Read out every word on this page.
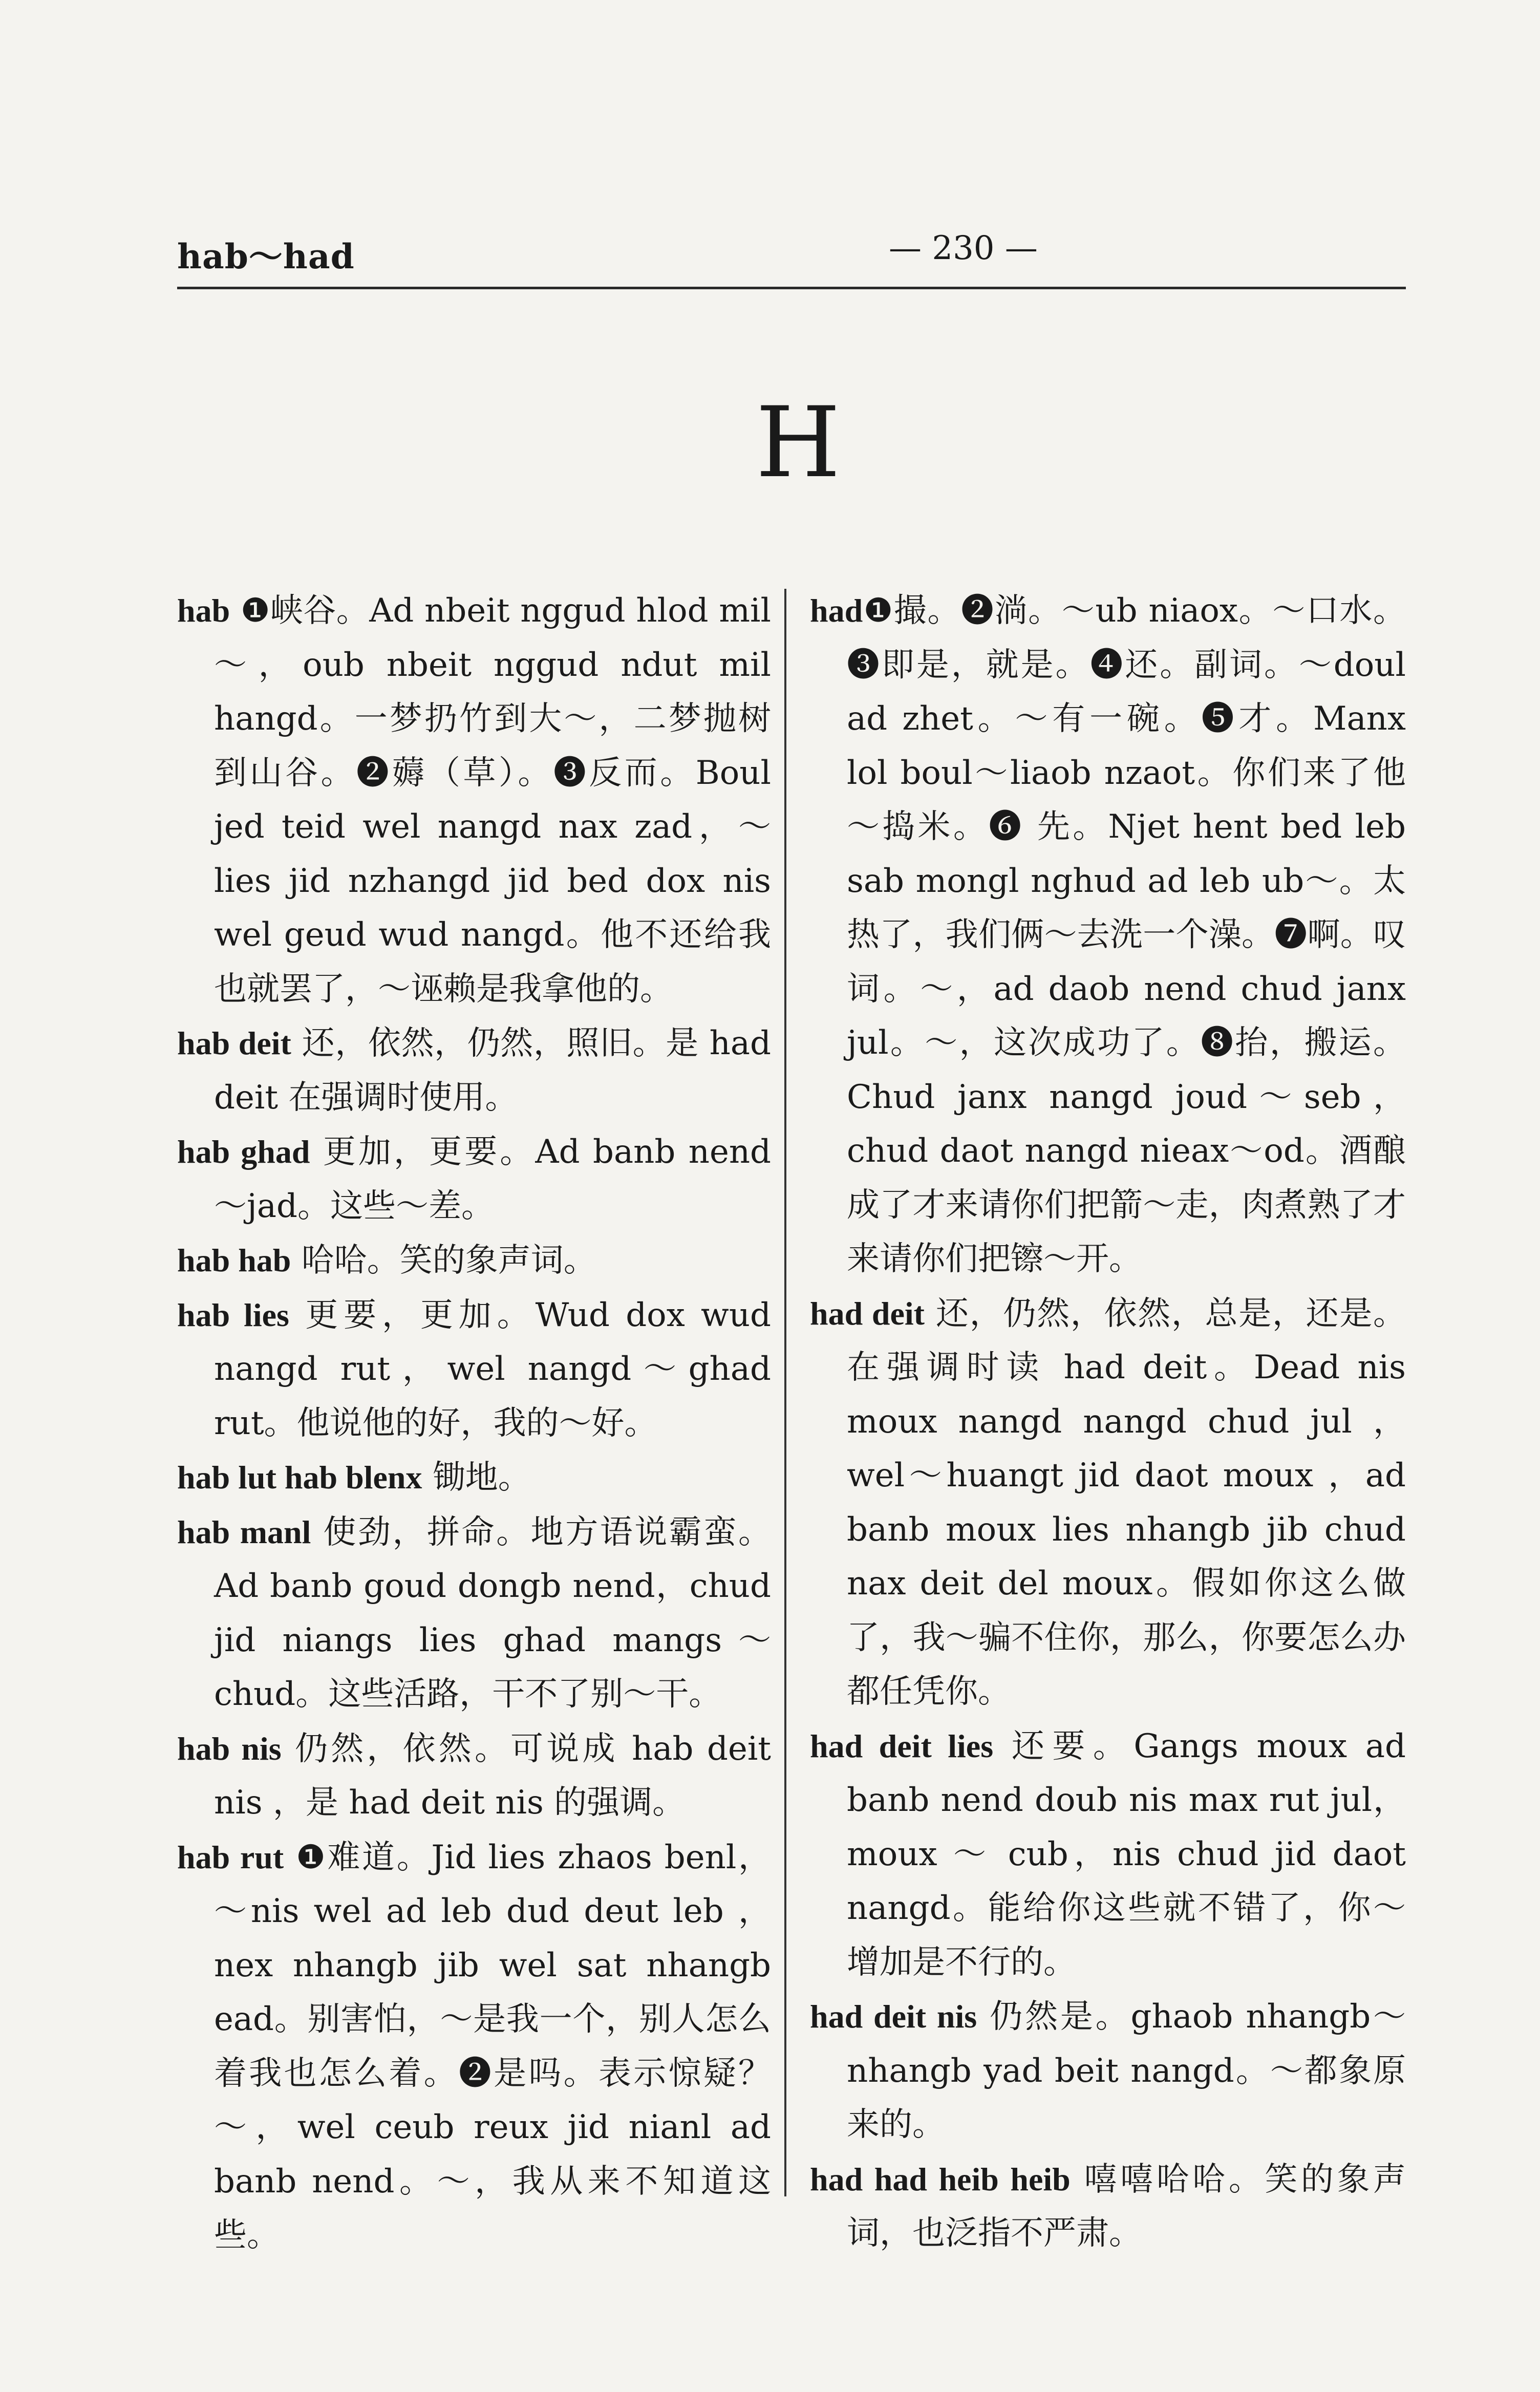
hab～had	— 230 —
H

hab ❶峡谷。Ad nbeit nggud hlod mil ～，oub nbeit nggud ndut mil hangd。一梦扔竹到大～，二梦抛树到山谷。❷薅（草）。❸反而。Boul jed teid wel nangd nax zad，～lies jid nzhangd jid bed dox nis wel geud wud nangd。他不还给我也就罢了，～诬赖是我拿他的。

hab deit 还，依然，仍然，照旧。是 had deit 在强调时使用。

hab ghad 更加，更要。Ad banb nend～jad。这些～差。

hab hab 哈哈。笑的象声词。

hab lies 更要，更加。Wud dox wud nangd rut，wel nangd～ghad rut。他说他的好，我的～好。

hab lut hab blenx 锄地。

hab manl 使劲，拼命。地方语说霸蛮。Ad banb goud dongb nend，chud jid niangs lies ghad mangs～chud。这些活路，干不了别～干。

hab nis 仍然，依然。可说成 hab deit nis ，是 had deit nis 的强调。

hab rut ❶难道。Jid lies zhaos benl，～nis wel ad leb dud deut leb ，nex nhangb jib wel sat nhangb ead。别害怕，～是我一个，别人怎么着我也怎么着。❷是吗。表示惊疑？～，wel ceub reux jid nianl ad banb nend。～，我从来不知道这些。

had❶撮。❷淌。～ub niaox。～口水。❸即是，就是。❹还。副词。～doul ad zhet。～有一碗。❺才。Manx lol boul～liaob nzaot。你们来了他～捣米。❻ 先。Njet hent bed leb sab mongl nghud ad leb ub～。太热了，我们俩～去洗一个澡。❼啊。叹词。～，ad daob nend chud janx jul。～，这次成功了。❽抬，搬运。Chud janx nangd joud～seb，chud daot nangd nieax～od。酒酿成了才来请你们把箭～走，肉煮熟了才来请你们把镲～开。

had deit 还，仍然，依然，总是，还是。在强调时读 had deit。Dead nis moux nangd nangd chud jul ，wel～huangt jid daot moux ，ad banb moux lies nhangb jib chud nax deit del moux。假如你这么做了，我～骗不住你，那么，你要怎么办都任凭你。

had deit lies 还要。Gangs moux ad banb nend doub nis max rut jul，moux ～ cub，nis chud jid daot nangd。能给你这些就不错了，你～增加是不行的。

had deit nis 仍然是。ghaob nhangb～nhangb yad beit nangd。～都象原来的。

had had heib heib 嘻嘻哈哈。笑的象声词，也泛指不严肃。
